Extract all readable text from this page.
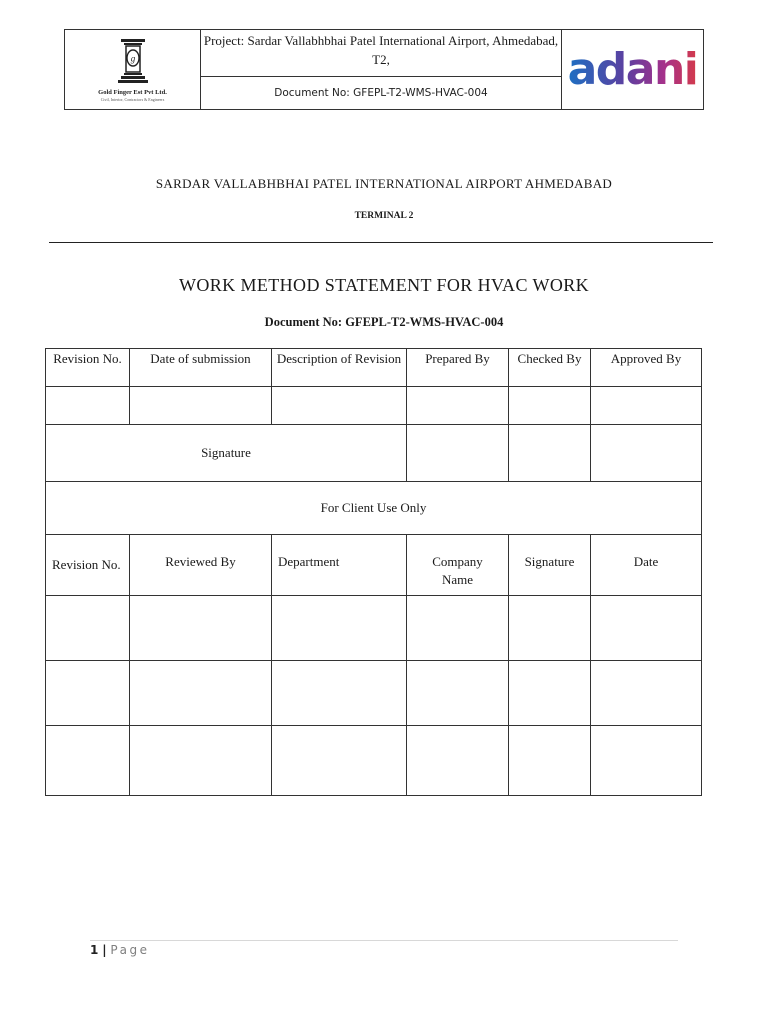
g
Gold Finger Est Pvt Ltd.
Civil, Interior, Contractors & Engineers
Project: Sardar Vallabhbhai Patel International Airport, Ahmedabad, T2,
Document No: GFEPL-T2-WMS-HVAC-004	adani
SARDAR VALLABHBHAI PATEL INTERNATIONAL AIRPORT AHMEDABAD
TERMINAL 2
WORK METHOD STATEMENT FOR HVAC WORK
Document No: GFEPL-T2-WMS-HVAC-004
Revision No.	Date of submission	Description of Revision	Prepared By	Checked By	Approved By

Signature					
For Client Use Only					
Revision No.	Reviewed By	Department	Company Name	Signature	Date

1 | Page
